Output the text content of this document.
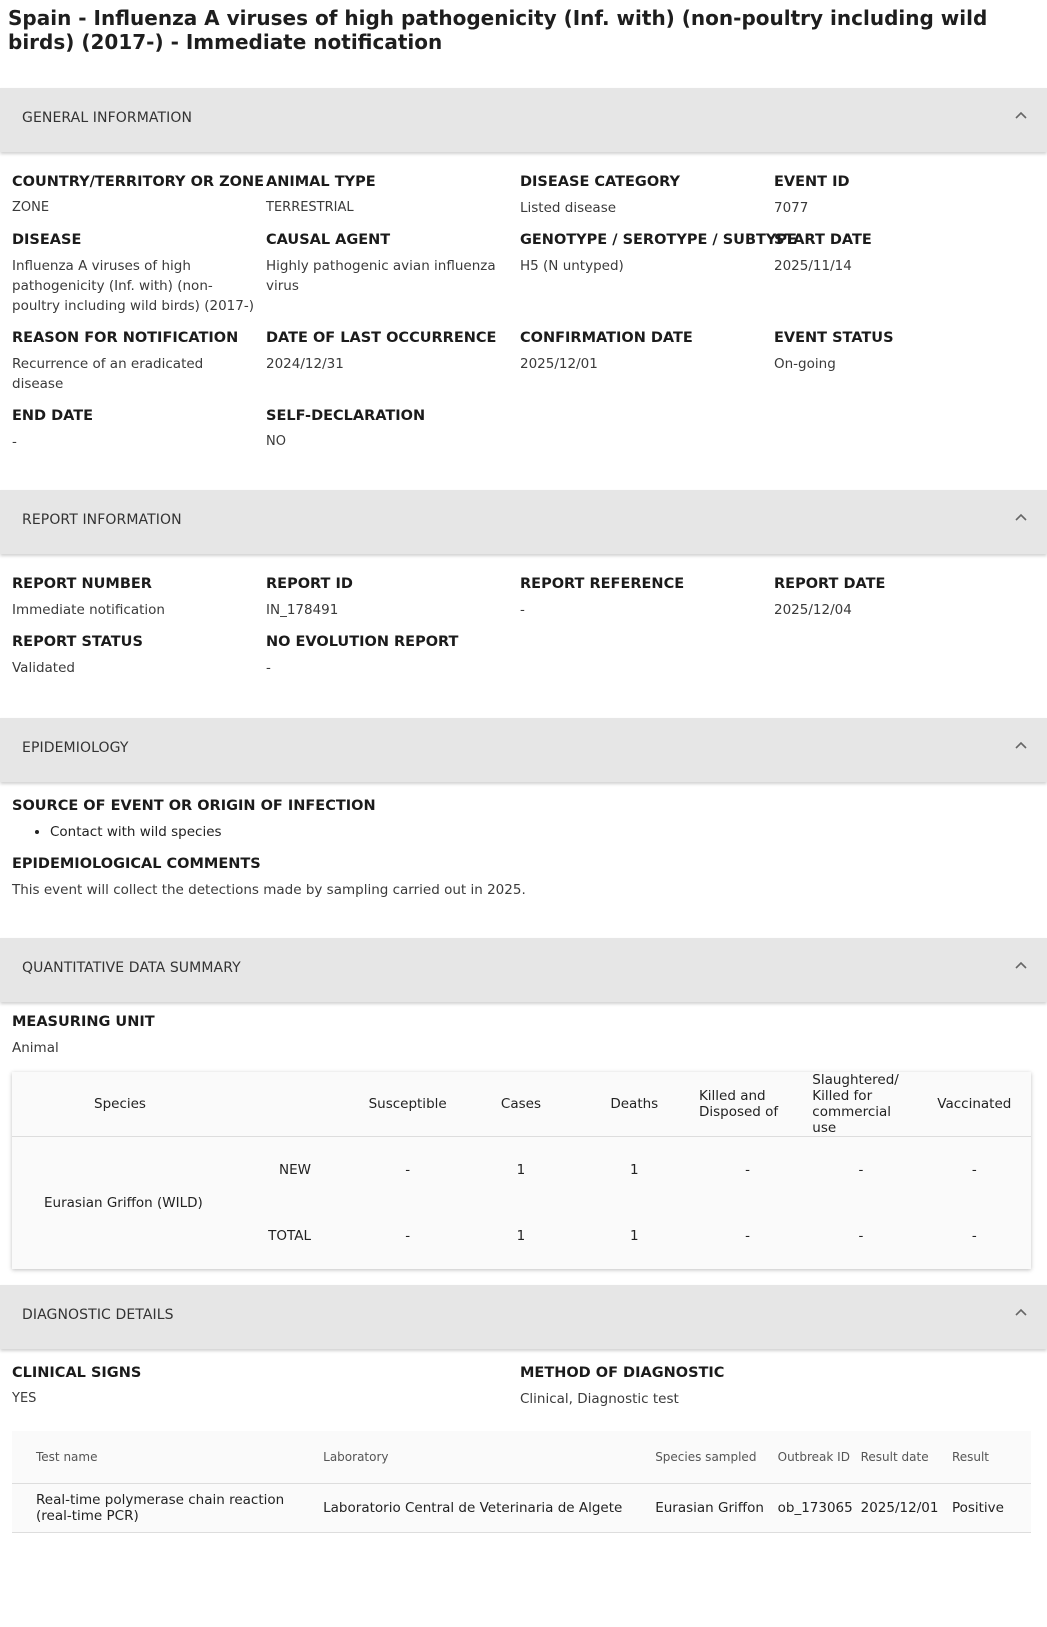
Spain - Influenza A viruses of high pathogenicity (Inf. with) (non-poultry including wild birds) (2017-) - Immediate notification
GENERAL INFORMATION
COUNTRY/TERRITORY OR ZONE
ZONE
ANIMAL TYPE
TERRESTRIAL
DISEASE CATEGORY
Listed disease
EVENT ID
7077
DISEASE
Influenza A viruses of high pathogenicity (Inf. with) (non-poultry including wild birds) (2017-)
CAUSAL AGENT
Highly pathogenic avian influenza virus
GENOTYPE / SEROTYPE / SUBTYPE
H5 (N untyped)
START DATE
2025/11/14
REASON FOR NOTIFICATION
Recurrence of an eradicated disease
DATE OF LAST OCCURRENCE
2024/12/31
CONFIRMATION DATE
2025/12/01
EVENT STATUS
On-going
END DATE
-
SELF-DECLARATION
NO
REPORT INFORMATION
REPORT NUMBER
Immediate notification
REPORT ID
IN_178491
REPORT REFERENCE
-
REPORT DATE
2025/12/04
REPORT STATUS
Validated
NO EVOLUTION REPORT
-
EPIDEMIOLOGY
SOURCE OF EVENT OR ORIGIN OF INFECTION
• Contact with wild species
EPIDEMIOLOGICAL COMMENTS
This event will collect the detections made by sampling carried out in 2025.
QUANTITATIVE DATA SUMMARY
MEASURING UNIT
Animal
Species		Susceptible	Cases	Deaths	Killed and Disposed of	Slaughtered/ Killed for commercial use	Vaccinated
Eurasian Griffon (WILD)	NEW	-	1	1	-	-	-
	TOTAL	-	1	1	-	-	-
DIAGNOSTIC DETAILS
CLINICAL SIGNS
YES
METHOD OF DIAGNOSTIC
Clinical, Diagnostic test
Test name	Laboratory	Species sampled	Outbreak ID	Result date	Result
Real-time polymerase chain reaction (real-time PCR)	Laboratorio Central de Veterinaria de Algete	Eurasian Griffon	ob_173065	2025/12/01	Positive
